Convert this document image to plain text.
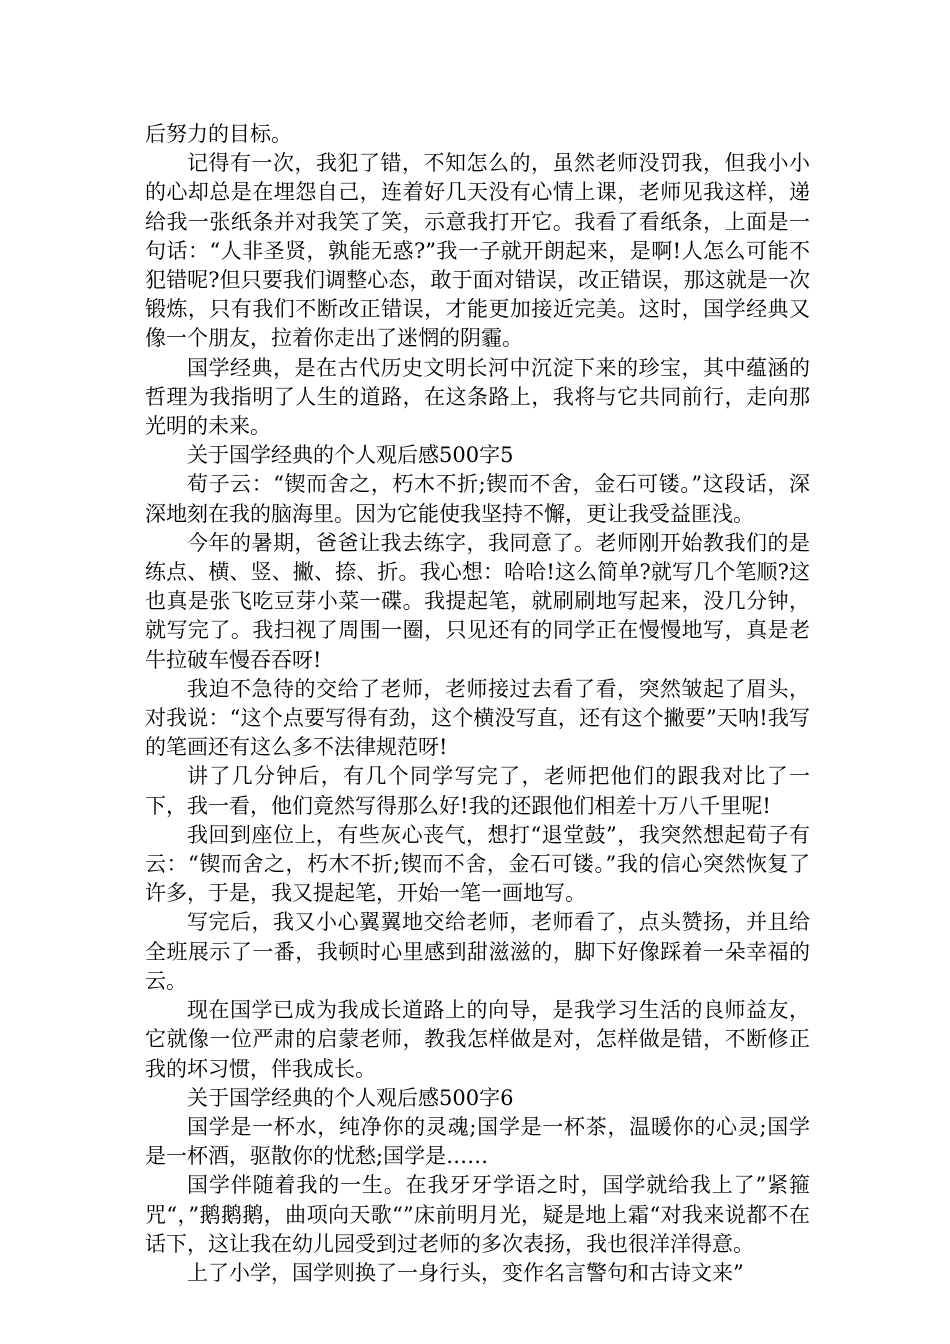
后努力的目标。

记得有一次，我犯了错，不知怎么的，虽然老师没罚我，但我小小的心却总是在埋怨自己，连着好几天没有心情上课，老师见我这样，递给我一张纸条并对我笑了笑，示意我打开它。我看了看纸条，上面是一句话：“人非圣贤，孰能无惑?”我一子就开朗起来，是啊!人怎么可能不犯错呢?但只要我们调整心态，敢于面对错误，改正错误，那这就是一次锻炼，只有我们不断改正错误，才能更加接近完美。这时，国学经典又像一个朋友，拉着你走出了迷惘的阴霾。

国学经典，是在古代历史文明长河中沉淀下来的珍宝，其中蕴涵的哲理为我指明了人生的道路，在这条路上，我将与它共同前行，走向那光明的未来。

关于国学经典的个人观后感500字5

荀子云：“锲而舍之，朽木不折;锲而不舍，金石可镂。”这段话，深深地刻在我的脑海里。因为它能使我坚持不懈，更让我受益匪浅。

今年的暑期，爸爸让我去练字，我同意了。老师刚开始教我们的是练点、横、竖、撇、捺、折。我心想：哈哈!这么简单?就写几个笔顺?这也真是张飞吃豆芽小菜一碟。我提起笔，就刷刷地写起来，没几分钟，就写完了。我扫视了周围一圈，只见还有的同学正在慢慢地写，真是老牛拉破车慢吞吞呀!

我迫不急待的交给了老师，老师接过去看了看，突然皱起了眉头，对我说：“这个点要写得有劲，这个横没写直，还有这个撇要”天呐!我写的笔画还有这么多不法律规范呀!

讲了几分钟后，有几个同学写完了，老师把他们的跟我对比了一下，我一看，他们竟然写得那么好!我的还跟他们相差十万八千里呢!

我回到座位上，有些灰心丧气，想打“退堂鼓”，我突然想起荀子有云：“锲而舍之，朽木不折;锲而不舍，金石可镂。”我的信心突然恢复了许多，于是，我又提起笔，开始一笔一画地写。

写完后，我又小心翼翼地交给老师，老师看了，点头赞扬，并且给全班展示了一番，我顿时心里感到甜滋滋的，脚下好像踩着一朵幸福的云。

现在国学已成为我成长道路上的向导，是我学习生活的良师益友，它就像一位严肃的启蒙老师，教我怎样做是对，怎样做是错，不断修正我的坏习惯，伴我成长。

关于国学经典的个人观后感500字6

国学是一杯水，纯净你的灵魂;国学是一杯茶，温暖你的心灵;国学是一杯酒，驱散你的忧愁;国学是……

国学伴随着我的一生。在我牙牙学语之时，国学就给我上了”紧箍咒“，”鹅鹅鹅，曲项向天歌“”床前明月光，疑是地上霜“对我来说都不在话下，这让我在幼儿园受到过老师的多次表扬，我也很洋洋得意。

上了小学，国学则换了一身行头，变作名言警句和古诗文来”
